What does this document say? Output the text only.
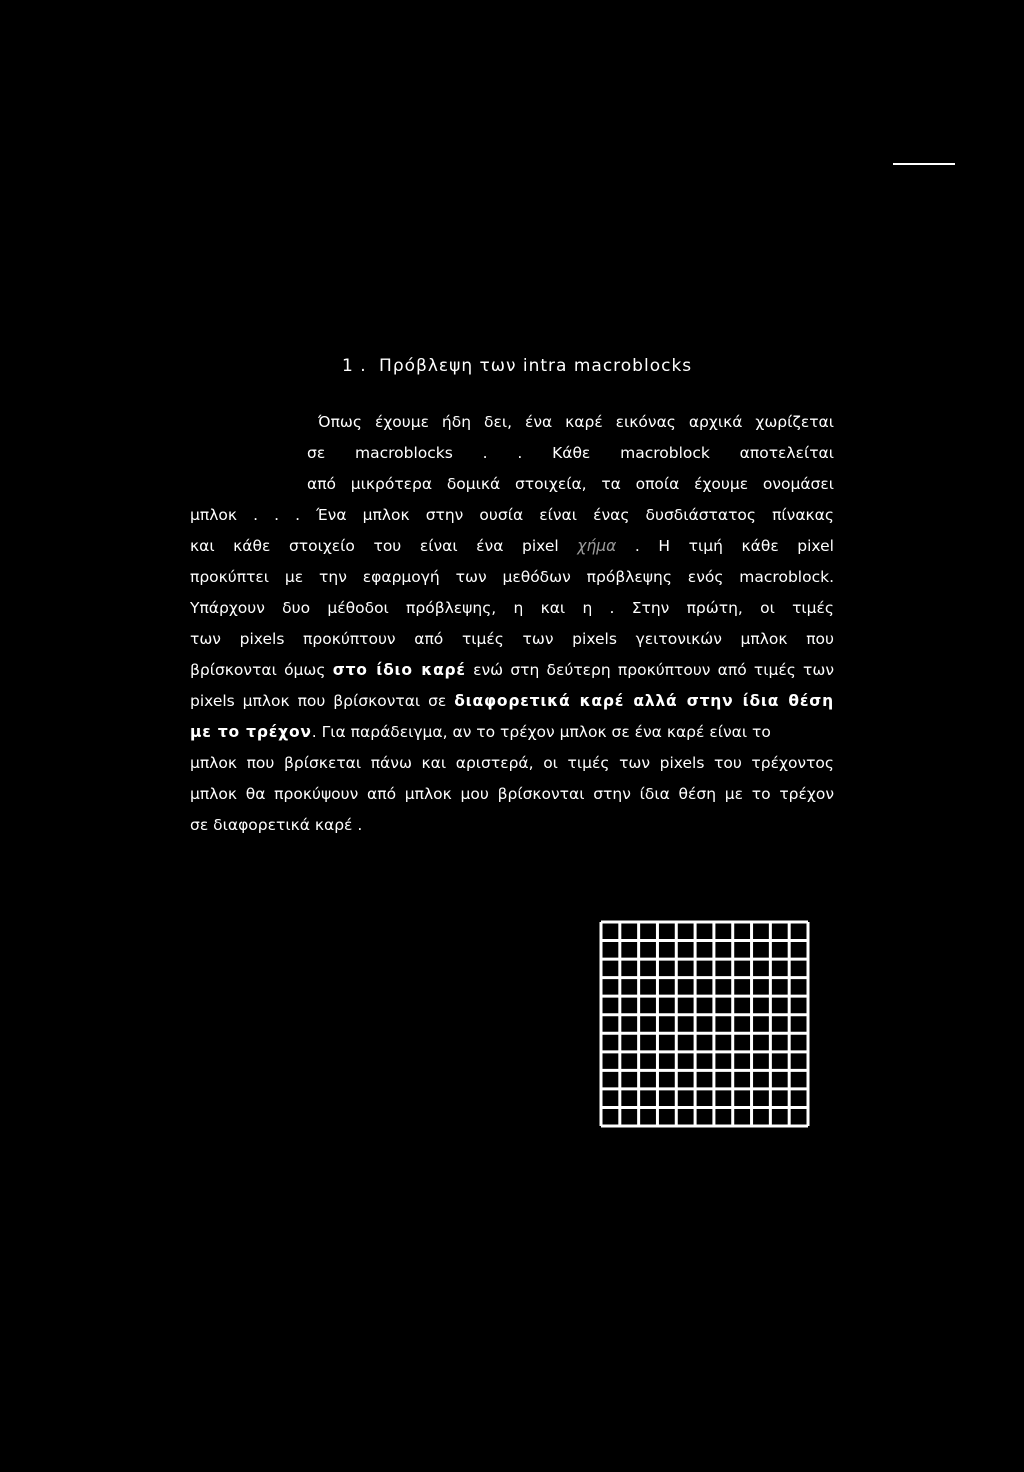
1 . Πρόβλεψη των intra macroblocks
Όπως έχουμε ήδη δει, ένα καρέ εικόνας αρχικά χωρίζεται
σε macroblocks . . Κάθε macroblock αποτελείται
από μικρότερα δομικά στοιχεία, τα οποία έχουμε ονομάσει
μπλοκ . . . Ένα μπλοκ στην ουσία είναι ένας δυσδιάστατος πίνακας
και κάθε στοιχείο του είναι ένα pixel χήμα . Η τιμή κάθε pixel
προκύπτει με την εφαρμογή των μεθόδων πρόβλεψης ενός macroblock.
Υπάρχουν δυο μέθοδοι πρόβλεψης, η και η . Στην πρώτη, οι τιμές
των pixels προκύπτουν από τιμές των pixels γειτονικών μπλοκ που
βρίσκονται όμως στο ίδιο καρέ ενώ στη δεύτερη προκύπτουν από τιμές των
pixels μπλοκ που βρίσκονται σε διαφορετικά καρέ αλλά στην ίδια θέση
με το τρέχον. Για παράδειγμα, αν το τρέχον μπλοκ σε ένα καρέ είναι το
μπλοκ που βρίσκεται πάνω και αριστερά, οι τιμές των pixels του τρέχοντος
μπλοκ θα προκύψουν από μπλοκ μου βρίσκονται στην ίδια θέση με το τρέχον
σε διαφορετικά καρέ .
